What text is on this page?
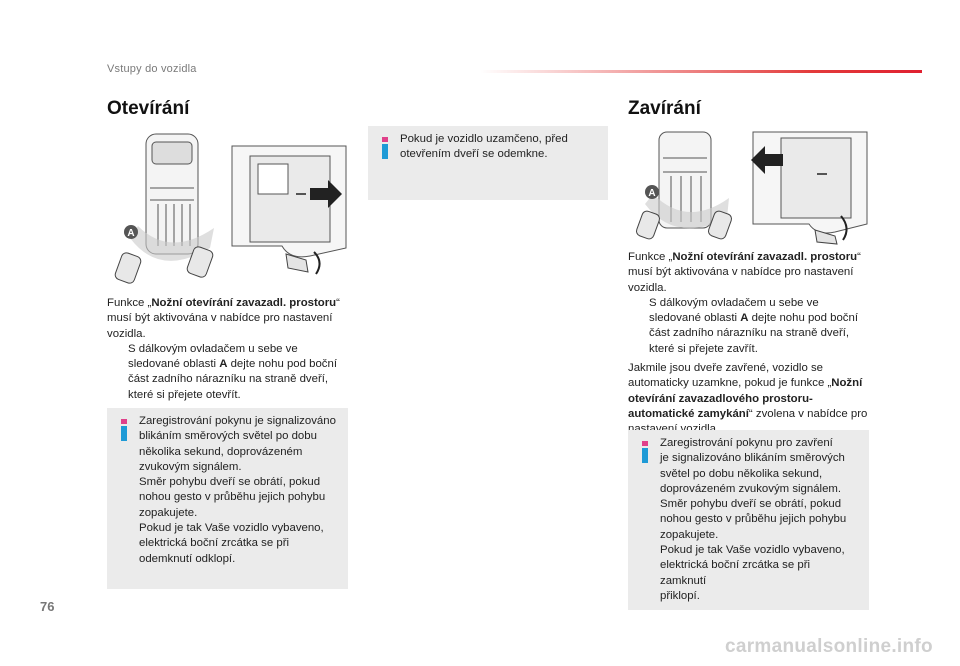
Vstupy do vozidla
Otevírání
A

Funkce „Nožní otevírání zavazadl. prostoru“ musí být aktivována v nabídce pro nastavení vozidla.

S dálkovým ovladačem u sebe ve sledované oblasti A dejte nohu pod boční část zadního nárazníku na straně dveří, které si přejete otevřít.

Zaregistrování pokynu je signalizováno

blikáním směrových světel po dobu

několika sekund, doprovázeném

zvukovým signálem.

Směr pohybu dveří se obrátí, pokud

nohou gesto v průběhu jejich pohybu

zopakujete.

Pokud je tak Vaše vozidlo vybaveno,

elektrická boční zrcátka se při

odemknutí odklopí.

Pokud je vozidlo uzamčeno, před

otevřením dveří se odemkne.

Zavírání
A

Funkce „Nožní otevírání zavazadl. prostoru“ musí být aktivována v nabídce pro nastavení vozidla.

S dálkovým ovladačem u sebe ve sledované oblasti A dejte nohu pod boční část zadního nárazníku na straně dveří, které si přejete zavřít.

Jakmile jsou dveře zavřené, vozidlo se automaticky uzamkne, pokud je funkce „Nožní otevírání zavazadlového prostoru-automatické zamykání“ zvolena v nabídce pro

Zaregistrování pokynu pro zavření

je signalizováno blikáním směrových

světel po dobu několika sekund,

doprovázeném zvukovým signálem.

Směr pohybu dveří se obrátí, pokud

nohou gesto v průběhu jejich pohybu

zopakujete.

Pokud je tak Vaše vozidlo vybaveno,

elektrická boční zrcátka se při zamknutí

přiklopí.

76
carmanualsonline.info
